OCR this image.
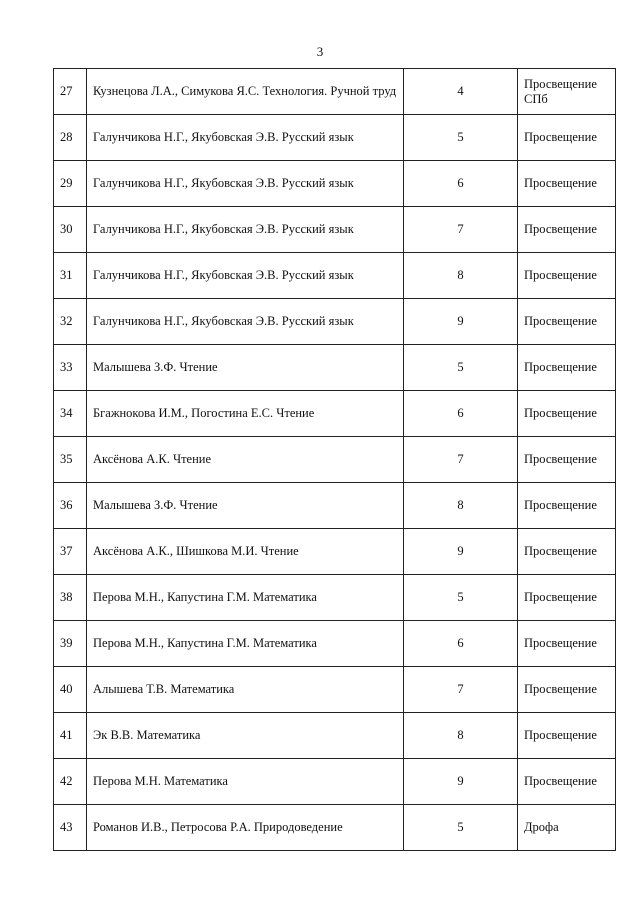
3
27	Кузнецова Л.А., Симукова Я.С. Технология. Ручной труд	4	Просвещение СПб
28	Галунчикова Н.Г., Якубовская Э.В. Русский язык	5	Просвещение
29	Галунчикова Н.Г., Якубовская Э.В. Русский язык	6	Просвещение
30	Галунчикова Н.Г., Якубовская Э.В. Русский язык	7	Просвещение
31	Галунчикова Н.Г., Якубовская Э.В. Русский язык	8	Просвещение
32	Галунчикова Н.Г., Якубовская Э.В. Русский язык	9	Просвещение
33	Малышева З.Ф. Чтение	5	Просвещение
34	Бгажнокова И.М., Погостина Е.С. Чтение	6	Просвещение
35	Аксёнова А.К. Чтение	7	Просвещение
36	Малышева З.Ф. Чтение	8	Просвещение
37	Аксёнова А.К., Шишкова М.И. Чтение	9	Просвещение
38	Перова М.Н., Капустина Г.М. Математика	5	Просвещение
39	Перова М.Н., Капустина Г.М. Математика	6	Просвещение
40	Алышева Т.В. Математика	7	Просвещение
41	Эк В.В. Математика	8	Просвещение
42	Перова М.Н. Математика	9	Просвещение
43	Романов И.В., Петросова Р.А. Природоведение	5	Дрофа
